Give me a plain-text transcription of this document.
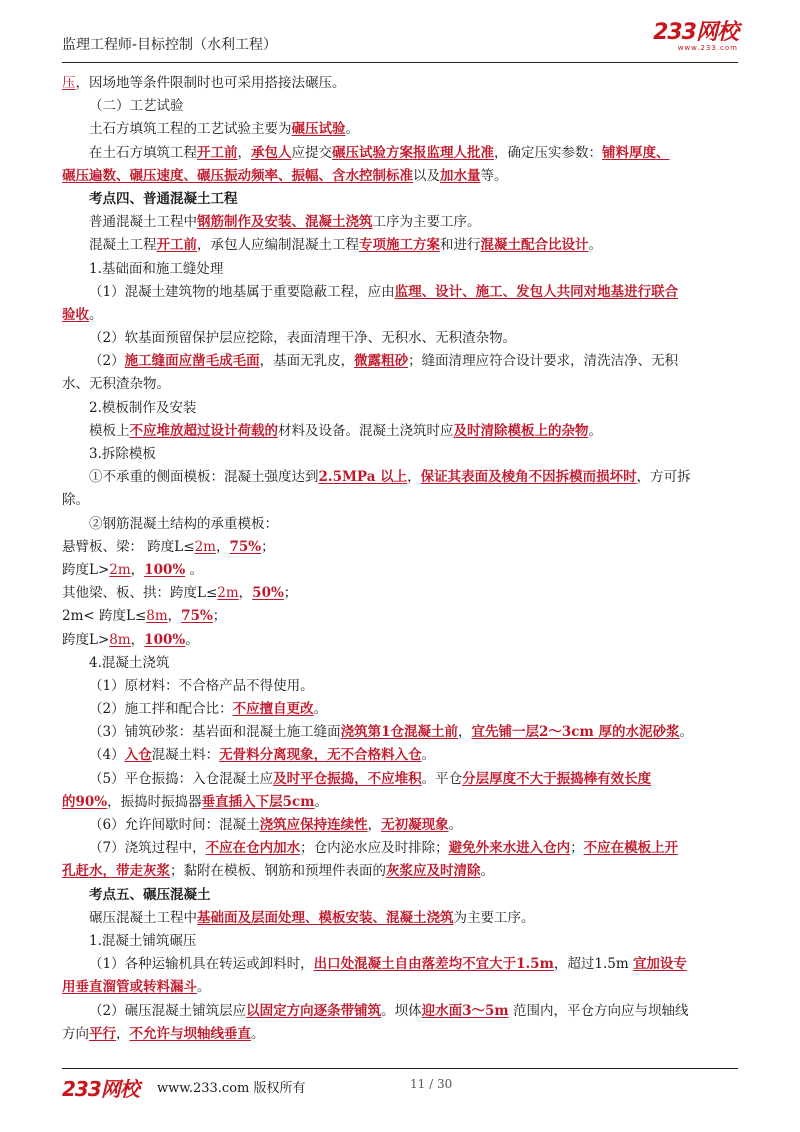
监理工程师-目标控制（水利工程）	233网校
www.233.com
压，因场地等条件限制时也可采用搭接法碾压。
（二）工艺试验
土石方填筑工程的工艺试验主要为碾压试验。
在土石方填筑工程开工前，承包人应提交碾压试验方案报监理人批准，确定压实参数：铺料厚度、
碾压遍数、碾压速度、碾压振动频率、振幅、含水控制标准以及加水量等。
考点四、普通混凝土工程
普通混凝土工程中钢筋制作及安装、混凝土浇筑工序为主要工序。
混凝土工程开工前，承包人应编制混凝土工程专项施工方案和进行混凝土配合比设计。
1.基础面和施工缝处理
（1）混凝土建筑物的地基属于重要隐蔽工程，应由监理、设计、施工、发包人共同对地基进行联合
验收。
（2）软基面预留保护层应挖除，表面清理干净、无积水、无积渣杂物。
（2）施工缝面应凿毛成毛面，基面无乳皮，微露粗砂；缝面清理应符合设计要求，清洗洁净、无积
水、无积渣杂物。
2.模板制作及安装
模板上不应堆放超过设计荷载的材料及设备。混凝土浇筑时应及时清除模板上的杂物。
3.拆除模板
①不承重的侧面模板：混凝土强度达到2.5MPa 以上，保证其表面及棱角不因拆模而损坏时，方可拆
除。
②钢筋混凝土结构的承重模板：
悬臂板、梁： 跨度L≤2m，75%；
跨度L>2m，100% 。
其他梁、板、拱：跨度L≤2m，50%；
2m< 跨度L≤8m，75%；
跨度L>8m，100%。
4.混凝土浇筑
（1）原材料：不合格产品不得使用。
（2）施工拌和配合比：不应擅自更改。
（3）铺筑砂浆：基岩面和混凝土施工缝面浇筑第1仓混凝土前，宜先铺一层2～3cm 厚的水泥砂浆。
（4）入仓混凝土料：无骨料分离现象，无不合格料入仓。
（5）平仓振捣：入仓混凝土应及时平仓振捣，不应堆积。平仓分层厚度不大于振捣棒有效长度
的90%，振捣时振捣器垂直插入下层5cm。
（6）允许间歇时间：混凝土浇筑应保持连续性，无初凝现象。
（7）浇筑过程中，不应在仓内加水；仓内泌水应及时排除；避免外来水进入仓内；不应在模板上开
孔赶水，带走灰浆；黏附在模板、钢筋和预埋件表面的灰浆应及时清除。
考点五、碾压混凝土
碾压混凝土工程中基础面及层面处理、模板安装、混凝土浇筑为主要工序。
1.混凝土铺筑碾压
（1）各种运输机具在转运或卸料时，出口处混凝土自由落差均不宜大于1.5m，超过1.5m 宜加设专
用垂直溜管或转料漏斗。
（2）碾压混凝土铺筑层应以固定方向逐条带铺筑。坝体迎水面3～5m 范围内，平仓方向应与坝轴线
方向平行，不允许与坝轴线垂直。
233网校 www.233.com 版权所有	11 / 30
